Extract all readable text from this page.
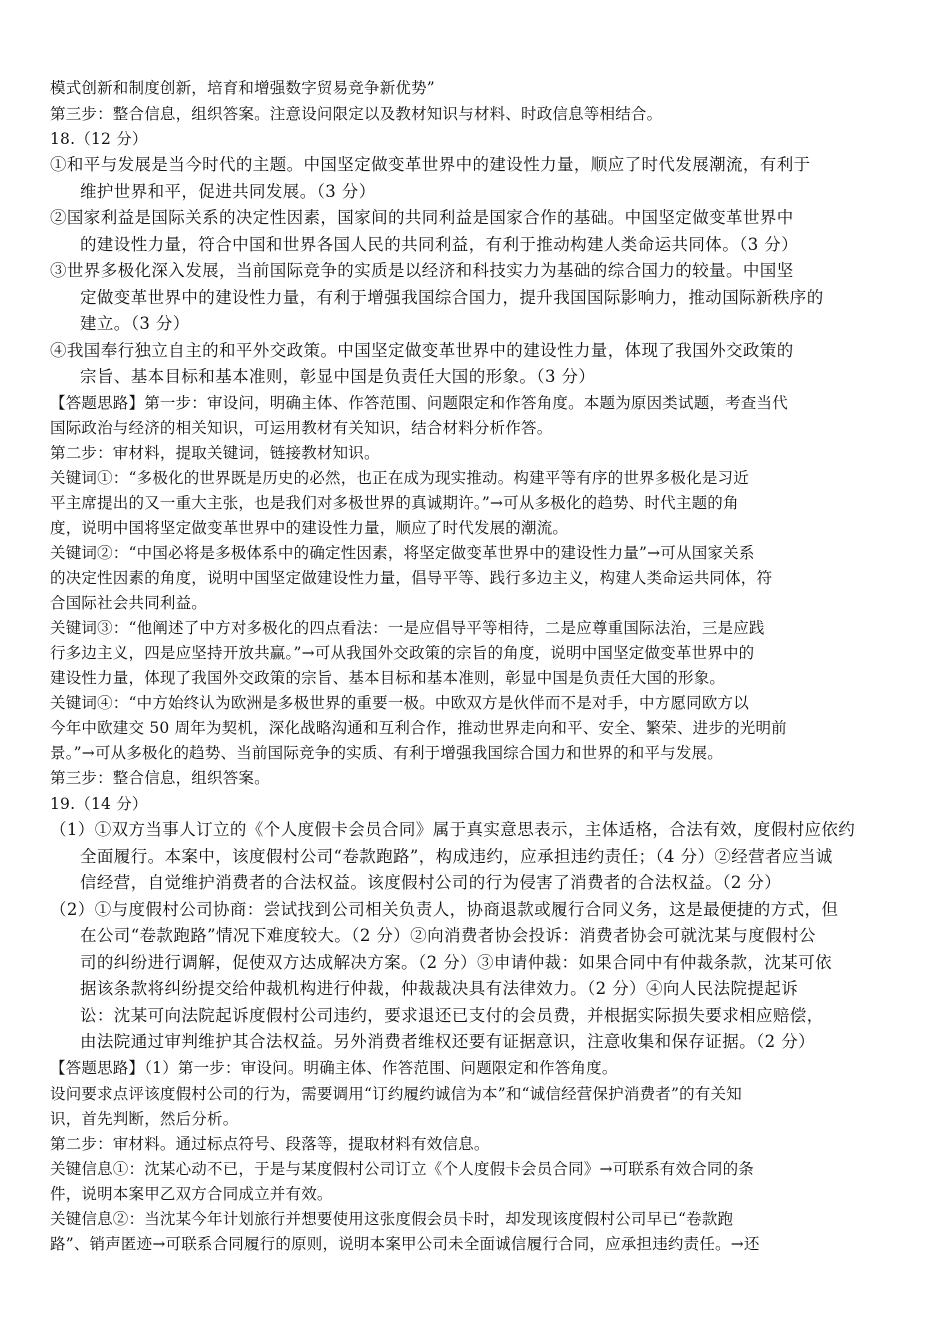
模式创新和制度创新，培育和增强数字贸易竞争新优势”
第三步：整合信息，组织答案。注意设问限定以及教材知识与材料、时政信息等相结合。
18.（12 分）
①和平与发展是当今时代的主题。中国坚定做变革世界中的建设性力量，顺应了时代发展潮流，有利于
维护世界和平，促进共同发展。（3 分）
②国家利益是国际关系的决定性因素，国家间的共同利益是国家合作的基础。中国坚定做变革世界中
的建设性力量，符合中国和世界各国人民的共同利益，有利于推动构建人类命运共同体。（3 分）
③世界多极化深入发展，当前国际竞争的实质是以经济和科技实力为基础的综合国力的较量。中国坚
定做变革世界中的建设性力量，有利于增强我国综合国力，提升我国国际影响力，推动国际新秩序的
建立。（3 分）
④我国奉行独立自主的和平外交政策。中国坚定做变革世界中的建设性力量，体现了我国外交政策的
宗旨、基本目标和基本准则，彰显中国是负责任大国的形象。（3 分）
【答题思路】第一步：审设问，明确主体、作答范围、问题限定和作答角度。本题为原因类试题，考查当代
国际政治与经济的相关知识，可运用教材有关知识，结合材料分析作答。
第二步：审材料，提取关键词，链接教材知识。
关键词①：“多极化的世界既是历史的必然，也正在成为现实推动。构建平等有序的世界多极化是习近
平主席提出的又一重大主张，也是我们对多极世界的真诚期许。”→可从多极化的趋势、时代主题的角
度，说明中国将坚定做变革世界中的建设性力量，顺应了时代发展的潮流。
关键词②：“中国必将是多极体系中的确定性因素，将坚定做变革世界中的建设性力量”→可从国家关系
的决定性因素的角度，说明中国坚定做建设性力量，倡导平等、践行多边主义，构建人类命运共同体，符
合国际社会共同利益。
关键词③：“他阐述了中方对多极化的四点看法：一是应倡导平等相待，二是应尊重国际法治，三是应践
行多边主义，四是应坚持开放共赢。”→可从我国外交政策的宗旨的角度，说明中国坚定做变革世界中的
建设性力量，体现了我国外交政策的宗旨、基本目标和基本准则，彰显中国是负责任大国的形象。
关键词④：“中方始终认为欧洲是多极世界的重要一极。中欧双方是伙伴而不是对手，中方愿同欧方以
今年中欧建交 50 周年为契机，深化战略沟通和互利合作，推动世界走向和平、安全、繁荣、进步的光明前
景。”→可从多极化的趋势、当前国际竞争的实质、有利于增强我国综合国力和世界的和平与发展。
第三步：整合信息，组织答案。
19.（14 分）
（1）①双方当事人订立的《个人度假卡会员合同》属于真实意思表示，主体适格，合法有效，度假村应依约
全面履行。本案中，该度假村公司“卷款跑路”，构成违约，应承担违约责任；（4 分）②经营者应当诚
信经营，自觉维护消费者的合法权益。该度假村公司的行为侵害了消费者的合法权益。（2 分）
（2）①与度假村公司协商：尝试找到公司相关负责人，协商退款或履行合同义务，这是最便捷的方式，但
在公司“卷款跑路”情况下难度较大。（2 分）②向消费者协会投诉：消费者协会可就沈某与度假村公
司的纠纷进行调解，促使双方达成解决方案。（2 分）③申请仲裁：如果合同中有仲裁条款，沈某可依
据该条款将纠纷提交给仲裁机构进行仲裁，仲裁裁决具有法律效力。（2 分）④向人民法院提起诉
讼：沈某可向法院起诉度假村公司违约，要求退还已支付的会员费，并根据实际损失要求相应赔偿，
由法院通过审判维护其合法权益。另外消费者维权还要有证据意识，注意收集和保存证据。（2 分）
【答题思路】（1）第一步：审设问。明确主体、作答范围、问题限定和作答角度。
设问要求点评该度假村公司的行为，需要调用“订约履约诚信为本”和“诚信经营保护消费者”的有关知
识，首先判断，然后分析。
第二步：审材料。通过标点符号、段落等，提取材料有效信息。
关键信息①：沈某心动不已，于是与某度假村公司订立《个人度假卡会员合同》→可联系有效合同的条
件，说明本案甲乙双方合同成立并有效。
关键信息②：当沈某今年计划旅行并想要使用这张度假会员卡时，却发现该度假村公司早已“卷款跑
路”、销声匿迹→可联系合同履行的原则，说明本案甲公司未全面诚信履行合同，应承担违约责任。→还
